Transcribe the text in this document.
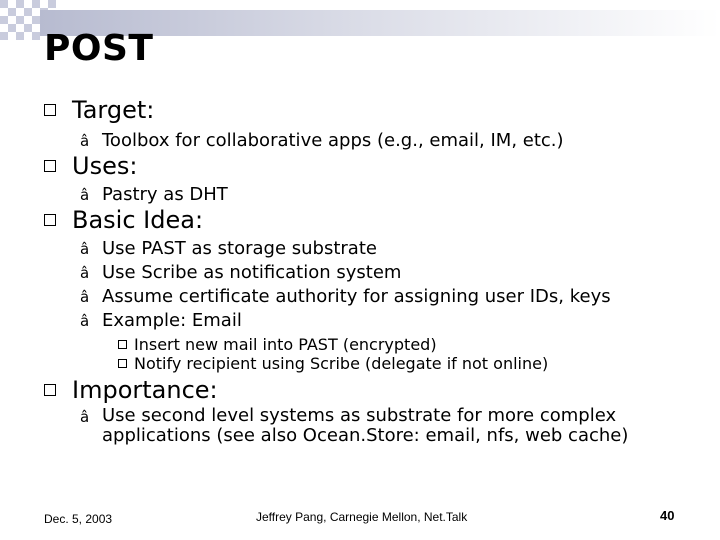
POST
Target:
â Toolbox for collaborative apps (e.g., email, IM, etc.)
Uses:
â Pastry as DHT
Basic Idea:
â Use PAST as storage substrate
â Use Scribe as notification system
â Assume certificate authority for assigning user IDs, keys
â Example: Email
Insert new mail into PAST (encrypted)
Notify recipient using Scribe (delegate if not online)
Importance:
â Use second level systems as substrate for more complex applications (see also Ocean.Store: email, nfs, web cache)
Dec. 5, 2003	Jeffrey Pang, Carnegie Mellon, Net.Talk	40
